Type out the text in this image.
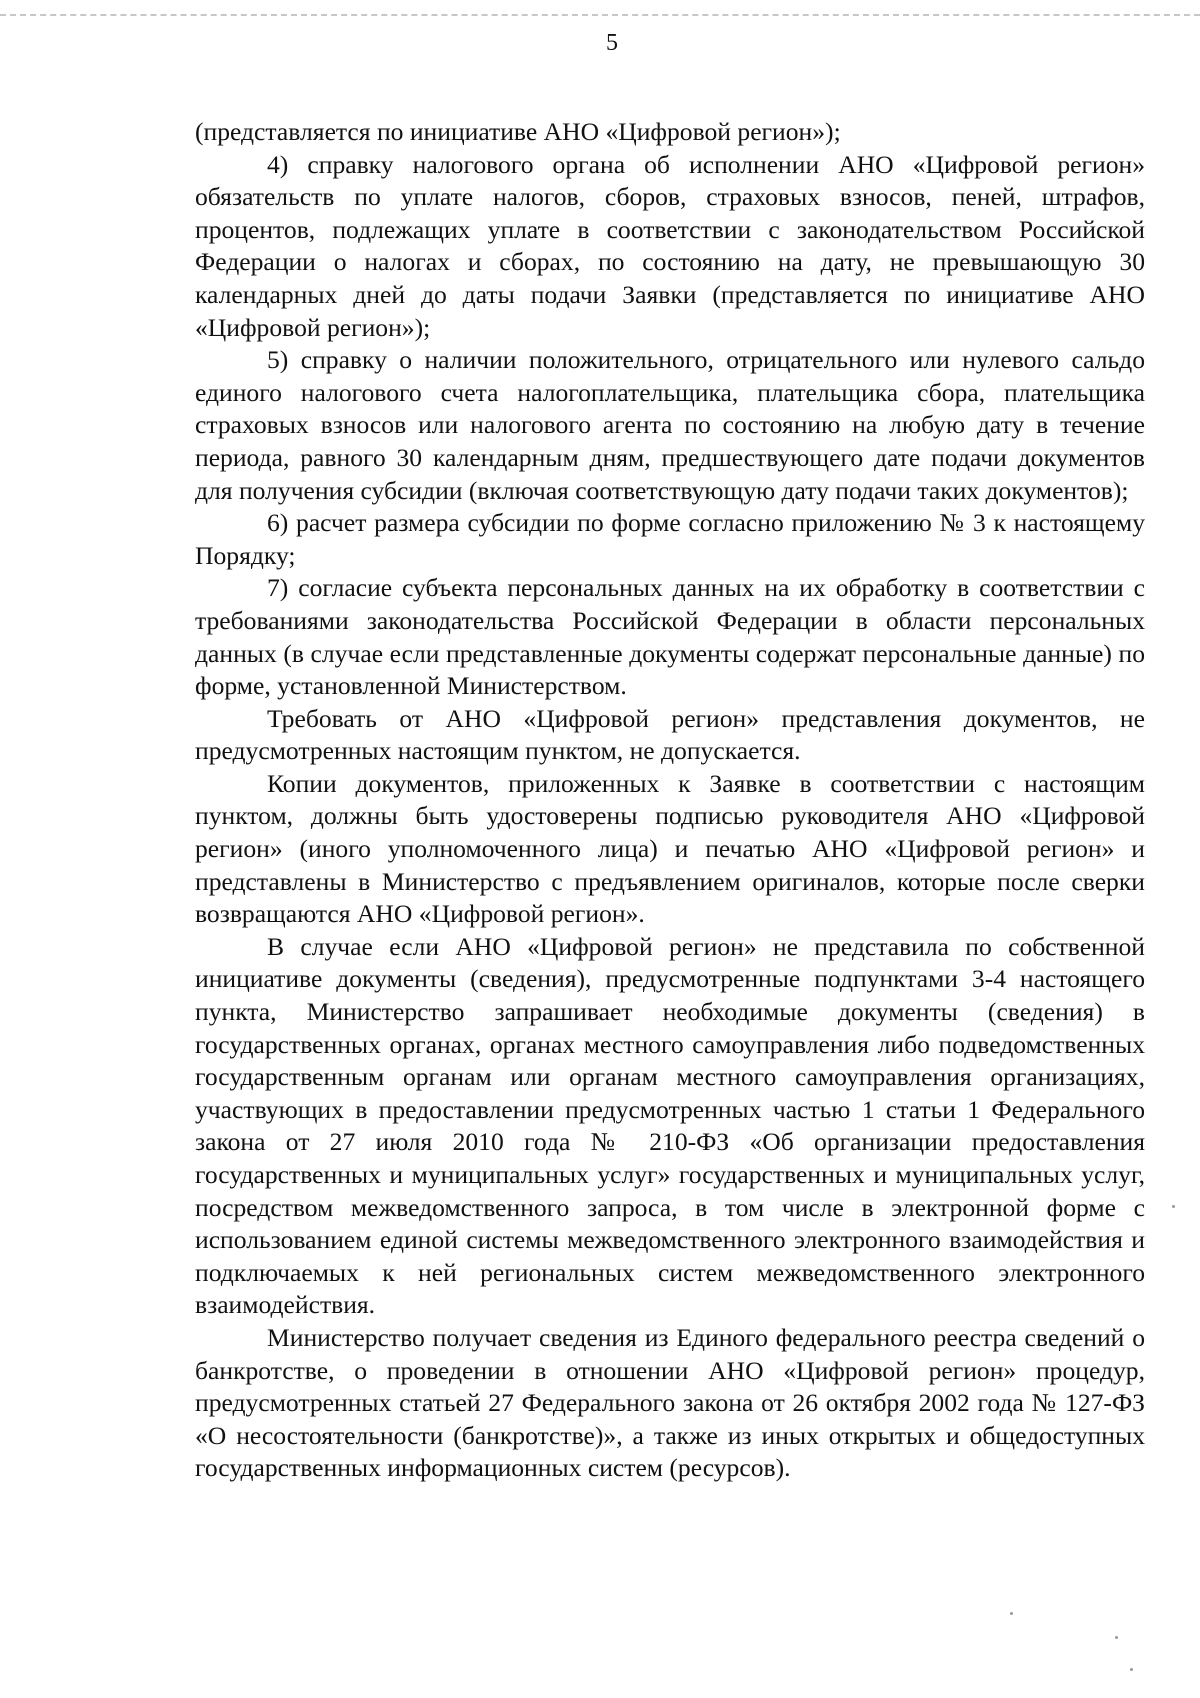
5

(представляется по инициативе АНО «Цифровой регион»);

4) справку налогового органа об исполнении АНО «Цифровой регион» обязательств по уплате налогов, сборов, страховых взносов, пеней, штрафов, процентов, подлежащих уплате в соответствии с законодательством Российской Федерации о налогах и сборах, по состоянию на дату, не превышающую 30 календарных дней до даты подачи Заявки (представляется по инициативе АНО «Цифровой регион»);

5) справку о наличии положительного, отрицательного или нулевого сальдо единого налогового счета налогоплательщика, плательщика сбора, плательщика страховых взносов или налогового агента по состоянию на любую дату в течение периода, равного 30 календарным дням, предшествующего дате подачи документов для получения субсидии (включая соответствующую дату подачи таких документов);

6) расчет размера субсидии по форме согласно приложению № 3 к настоящему Порядку;

7) согласие субъекта персональных данных на их обработку в соответствии с требованиями законодательства Российской Федерации в области персональных данных (в случае если представленные документы содержат персональные данные) по форме, установленной Министерством.

Требовать от АНО «Цифровой регион» представления документов, не предусмотренных настоящим пунктом, не допускается.

Копии документов, приложенных к Заявке в соответствии с настоящим пунктом, должны быть удостоверены подписью руководителя АНО «Цифровой регион» (иного уполномоченного лица) и печатью АНО «Цифровой регион» и представлены в Министерство с предъявлением оригиналов, которые после сверки возвращаются АНО «Цифровой регион».

В случае если АНО «Цифровой регион» не представила по собственной инициативе документы (сведения), предусмотренные подпунктами 3-4 настоящего пункта, Министерство запрашивает необходимые документы (сведения) в государственных органах, органах местного самоуправления либо подведомственных государственным органам или органам местного самоуправления организациях, участвующих в предоставлении предусмотренных частью 1 статьи 1 Федерального закона от 27 июля 2010 года № 210-ФЗ «Об организации предоставления государственных и муниципальных услуг» государственных и муниципальных услуг, посредством межведомственного запроса, в том числе в электронной форме с использованием единой системы межведомственного электронного взаимодействия и подключаемых к ней региональных систем межведомственного электронного взаимодействия.

Министерство получает сведения из Единого федерального реестра сведений о банкротстве, о проведении в отношении АНО «Цифровой регион» процедур, предусмотренных статьей 27 Федерального закона от 26 октября 2002 года № 127-ФЗ «О несостоятельности (банкротстве)», а также из иных открытых и общедоступных государственных информационных систем (ресурсов).
